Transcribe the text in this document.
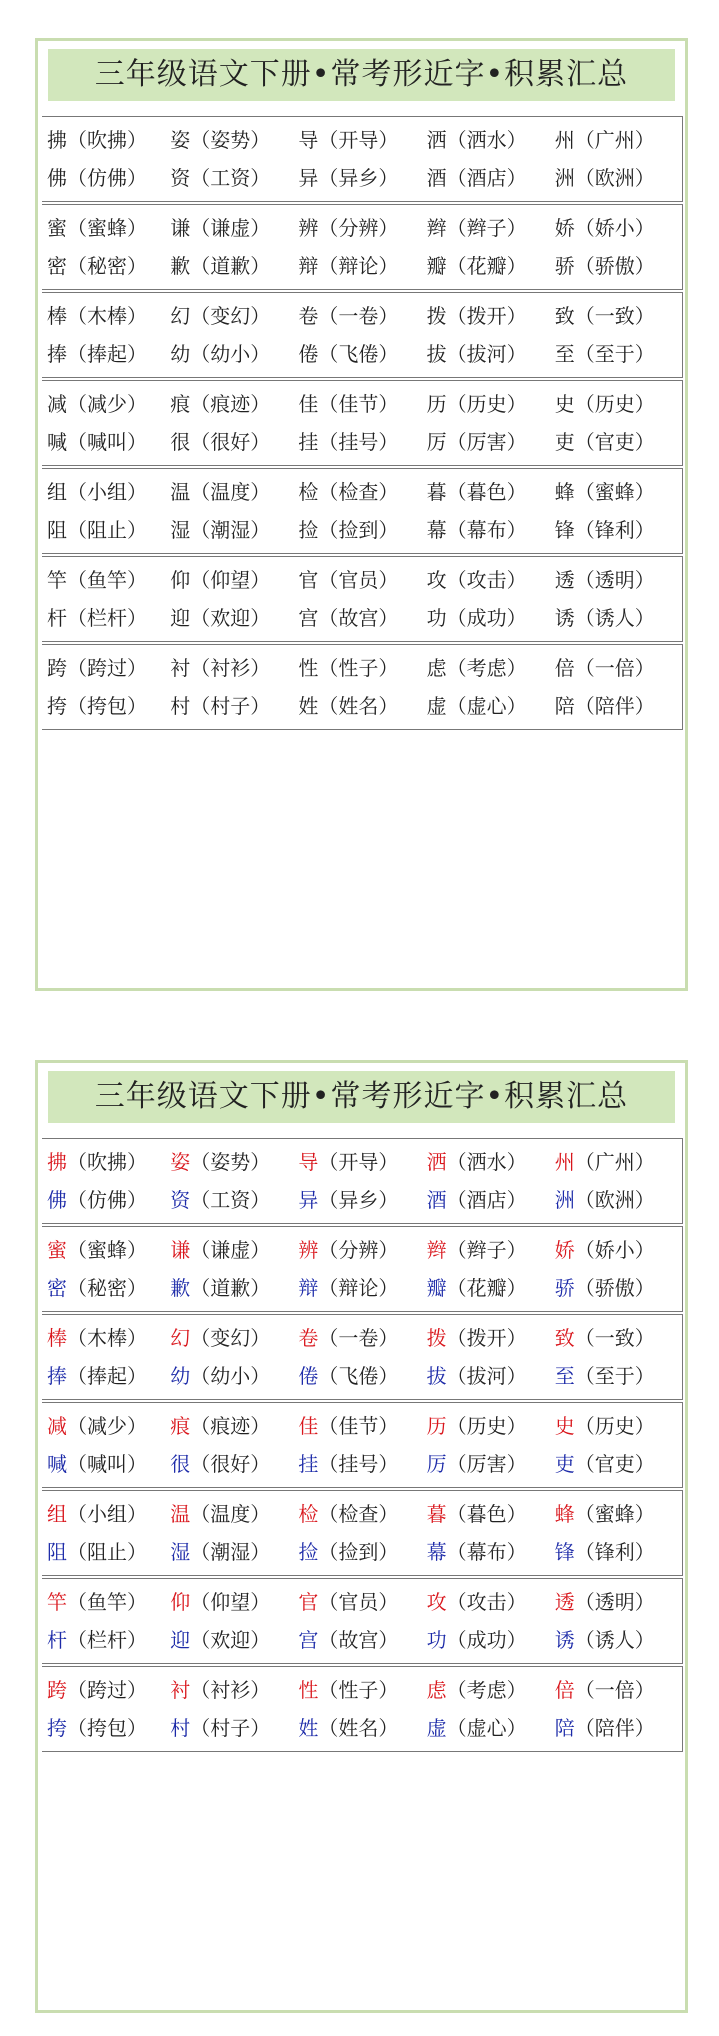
三年级语文下册•常考形近字•积累汇总
拂（吹拂）	姿（姿势）	导（开导）	洒（洒水）	州（广州）
佛（仿佛）	资（工资）	异（异乡）	酒（酒店）	洲（欧洲）
蜜（蜜蜂）	谦（谦虚）	辨（分辨）	辫（辫子）	娇（娇小）
密（秘密）	歉（道歉）	辩（辩论）	瓣（花瓣）	骄（骄傲）
棒（木棒）	幻（变幻）	卷（一卷）	拨（拨开）	致（一致）
捧（捧起）	幼（幼小）	倦（飞倦）	拔（拔河）	至（至于）
减（减少）	痕（痕迹）	佳（佳节）	历（历史）	史（历史）
喊（喊叫）	很（很好）	挂（挂号）	厉（厉害）	吏（官吏）
组（小组）	温（温度）	检（检查）	暮（暮色）	蜂（蜜蜂）
阻（阻止）	湿（潮湿）	捡（捡到）	幕（幕布）	锋（锋利）
竿（鱼竿）	仰（仰望）	官（官员）	攻（攻击）	透（透明）
杆（栏杆）	迎（欢迎）	宫（故宫）	功（成功）	诱（诱人）
跨（跨过）	衬（衬衫）	性（性子）	虑（考虑）	倍（一倍）
挎（挎包）	村（村子）	姓（姓名）	虚（虚心）	陪（陪伴）
三年级语文下册•常考形近字•积累汇总
拂（吹拂）	姿（姿势）	导（开导）	洒（洒水）	州（广州）
佛（仿佛）	资（工资）	异（异乡）	酒（酒店）	洲（欧洲）
蜜（蜜蜂）	谦（谦虚）	辨（分辨）	辫（辫子）	娇（娇小）
密（秘密）	歉（道歉）	辩（辩论）	瓣（花瓣）	骄（骄傲）
棒（木棒）	幻（变幻）	卷（一卷）	拨（拨开）	致（一致）
捧（捧起）	幼（幼小）	倦（飞倦）	拔（拔河）	至（至于）
减（减少）	痕（痕迹）	佳（佳节）	历（历史）	史（历史）
喊（喊叫）	很（很好）	挂（挂号）	厉（厉害）	吏（官吏）
组（小组）	温（温度）	检（检查）	暮（暮色）	蜂（蜜蜂）
阻（阻止）	湿（潮湿）	捡（捡到）	幕（幕布）	锋（锋利）
竿（鱼竿）	仰（仰望）	官（官员）	攻（攻击）	透（透明）
杆（栏杆）	迎（欢迎）	宫（故宫）	功（成功）	诱（诱人）
跨（跨过）	衬（衬衫）	性（性子）	虑（考虑）	倍（一倍）
挎（挎包）	村（村子）	姓（姓名）	虚（虚心）	陪（陪伴）
